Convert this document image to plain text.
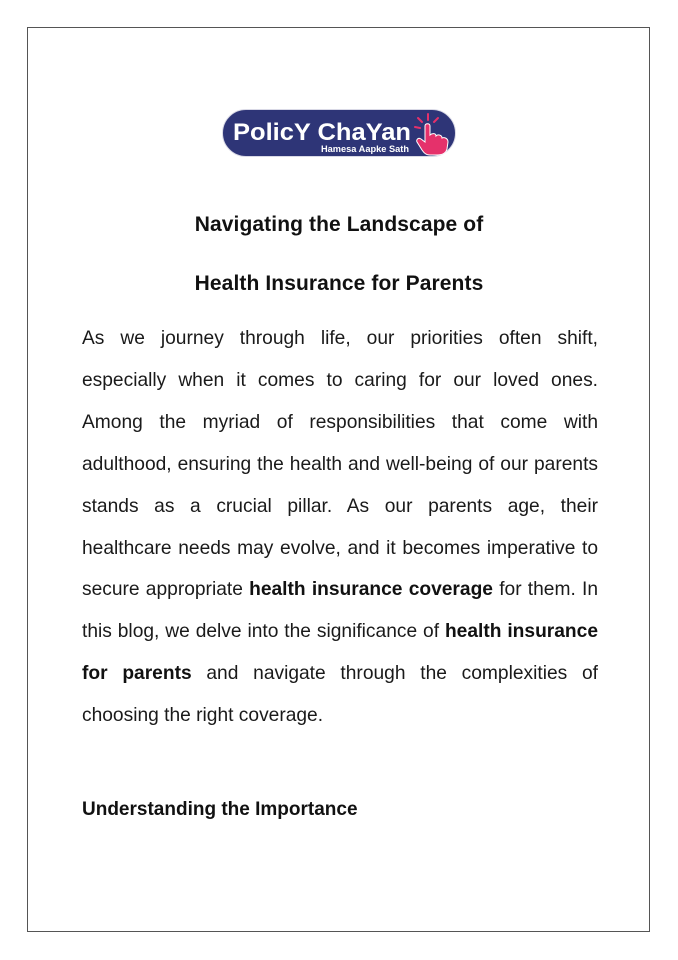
PolicY ChaYan
Hamesa Aapke Sath
Navigating the Landscape of
Health Insurance for Parents

As we journey through life, our priorities often shift, especially when it comes to caring for our loved ones. Among the myriad of responsibilities that come with adulthood, ensuring the health and well-being of our parents stands as a crucial pillar. As our parents age, their healthcare needs may evolve, and it becomes imperative to secure appropriate health insurance coverage for them. In this blog, we delve into the significance of health insurance for parents and navigate through the complexities of choosing the right coverage.

Understanding the Importance
